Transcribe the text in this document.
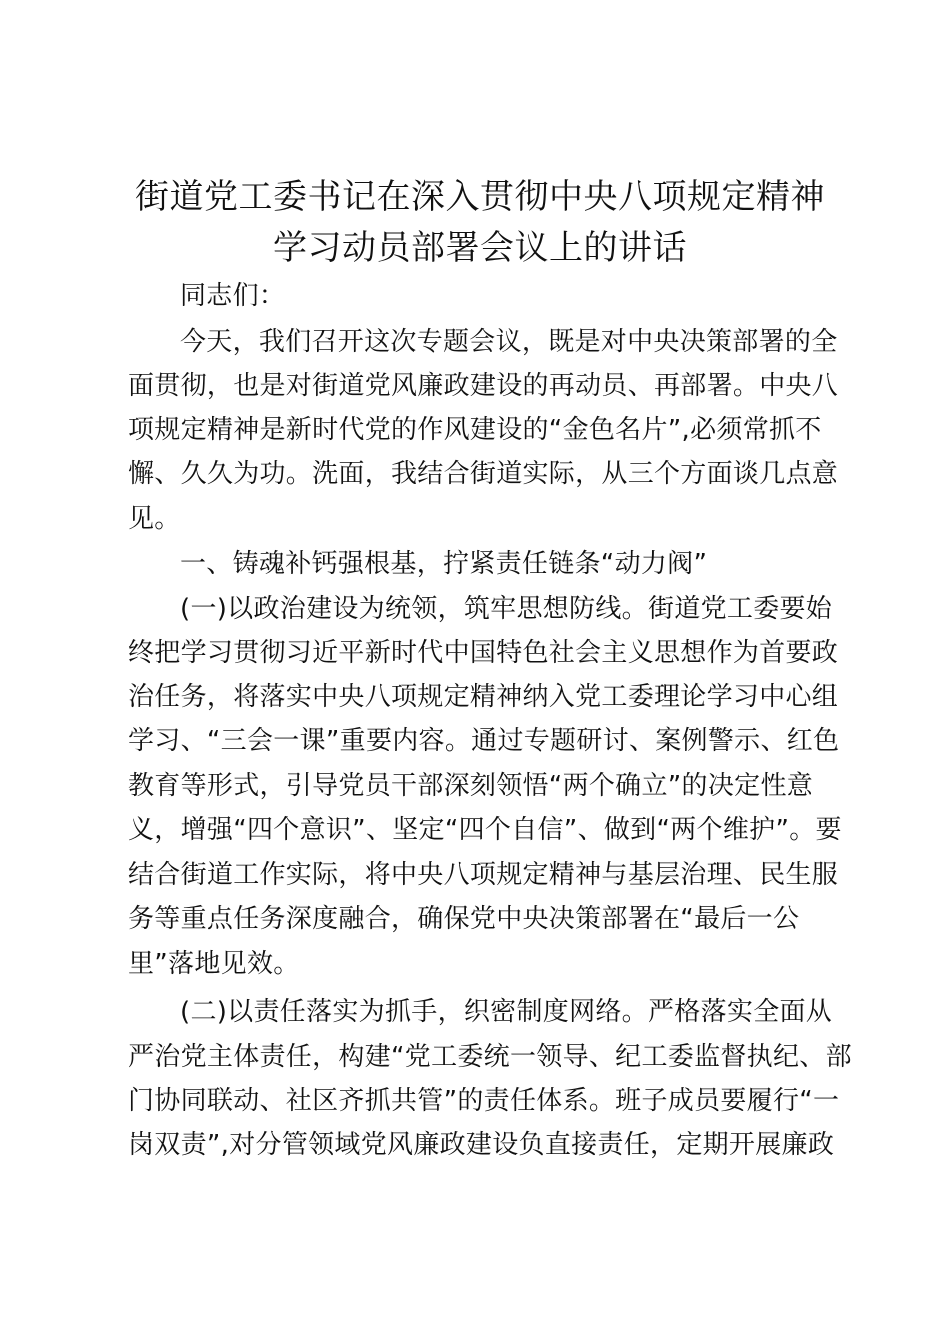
街道党工委书记在深入贯彻中央八项规定精神
学习动员部署会议上的讲话
同志们：
今天，我们召开这次专题会议，既是对中央决策部署的全
面贯彻，也是对街道党风廉政建设的再动员、再部署。中央八
项规定精神是新时代党的作风建设的“金色名片”,必须常抓不
懈、久久为功。洗面，我结合街道实际，从三个方面谈几点意
见。
一、铸魂补钙强根基，拧紧责任链条“动力阀”
(一)以政治建设为统领，筑牢思想防线。街道党工委要始
终把学习贯彻习近平新时代中国特色社会主义思想作为首要政
治任务，将落实中央八项规定精神纳入党工委理论学习中心组
学习、“三会一课”重要内容。通过专题研讨、案例警示、红色
教育等形式，引导党员干部深刻领悟“两个确立”的决定性意
义，增强“四个意识”、坚定“四个自信”、做到“两个维护”。要
结合街道工作实际，将中央八项规定精神与基层治理、民生服
务等重点任务深度融合，确保党中央决策部署在“最后一公
里”落地见效。
(二)以责任落实为抓手，织密制度网络。严格落实全面从
严治党主体责任，构建“党工委统一领导、纪工委监督执纪、部
门协同联动、社区齐抓共管”的责任体系。班子成员要履行“一
岗双责”,对分管领域党风廉政建设负直接责任，定期开展廉政
